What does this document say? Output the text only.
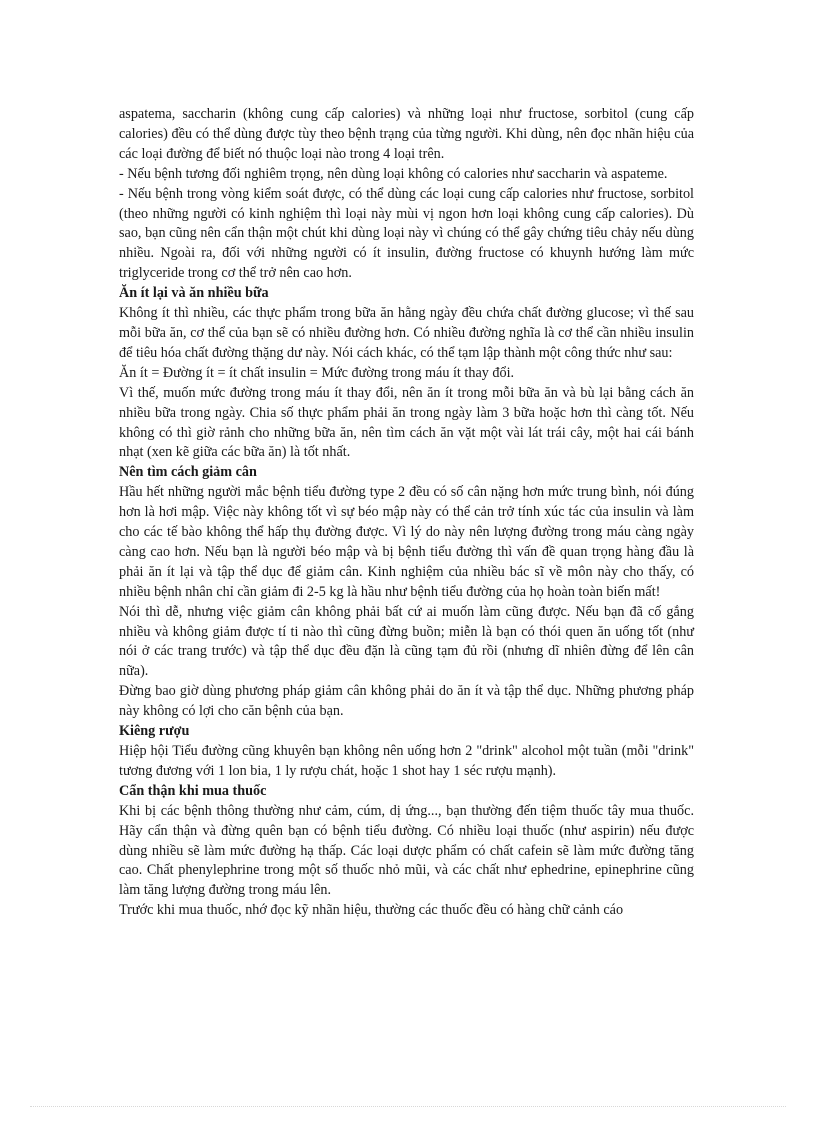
aspatema, saccharin (không cung cấp calories) và những loại như fructose, sorbitol (cung cấp calories) đều có thể dùng được tùy theo bệnh trạng của từng người. Khi dùng, nên đọc nhãn hiệu của các loại đường để biết nó thuộc loại nào trong 4 loại trên.

- Nếu bệnh tương đối nghiêm trọng, nên dùng loại không có calories như saccharin và aspateme.

- Nếu bệnh trong vòng kiểm soát được, có thể dùng các loại cung cấp calories như fructose, sorbitol (theo những người có kinh nghiệm thì loại này mùi vị ngon hơn loại không cung cấp calories). Dù sao, bạn cũng nên cẩn thận một chút khi dùng loại này vì chúng có thể gây chứng tiêu chảy nếu dùng nhiều. Ngoài ra, đối với những người có ít insulin, đường fructose có khuynh hướng làm mức triglyceride trong cơ thể trở nên cao hơn.

Ăn ít lại và ăn nhiều bữa

Không ít thì nhiều, các thực phẩm trong bữa ăn hằng ngày đều chứa chất đường glucose; vì thế sau mỗi bữa ăn, cơ thể của bạn sẽ có nhiều đường hơn. Có nhiều đường nghĩa là cơ thể cần nhiều insulin để tiêu hóa chất đường thặng dư này. Nói cách khác, có thể tạm lập thành một công thức như sau:

Ăn ít = Đường ít = ít chất insulin = Mức đường trong máu ít thay đổi.

Vì thế, muốn mức đường trong máu ít thay đổi, nên ăn ít trong mỗi bữa ăn và bù lại bằng cách ăn nhiều bữa trong ngày. Chia số thực phẩm phải ăn trong ngày làm 3 bữa hoặc hơn thì càng tốt. Nếu không có thì giờ rảnh cho những bữa ăn, nên tìm cách ăn vặt một vài lát trái cây, một hai cái bánh nhạt (xen kẽ giữa các bữa ăn) là tốt nhất.

Nên tìm cách giảm cân

Hầu hết những người mắc bệnh tiểu đường type 2 đều có số cân nặng hơn mức trung bình, nói đúng hơn là hơi mập. Việc này không tốt vì sự béo mập này có thể cản trở tính xúc tác của insulin và làm cho các tế bào không thể hấp thụ đường được. Vì lý do này nên lượng đường trong máu càng ngày càng cao hơn. Nếu bạn là người béo mập và bị bệnh tiểu đường thì vấn đề quan trọng hàng đầu là phải ăn ít lại và tập thể dục để giảm cân. Kinh nghiệm của nhiều bác sĩ về môn này cho thấy, có nhiều bệnh nhân chỉ cần giảm đi 2-5 kg là hầu như bệnh tiểu đường của họ hoàn toàn biến mất!

Nói thì dễ, nhưng việc giảm cân không phải bất cứ ai muốn làm cũng được. Nếu bạn đã cố gắng nhiều và không giảm được tí ti nào thì cũng đừng buồn; miễn là bạn có thói quen ăn uống tốt (như nói ở các trang trước) và tập thể dục đều đặn là cũng tạm đủ rồi (nhưng dĩ nhiên đừng để lên cân nữa).

Đừng bao giờ dùng phương pháp giảm cân không phải do ăn ít và tập thể dục. Những phương pháp này không có lợi cho căn bệnh của bạn.

Kiêng rượu

Hiệp hội Tiểu đường cũng khuyên bạn không nên uống hơn 2 "drink" alcohol một tuần (mỗi "drink" tương đương với 1 lon bia, 1 ly rượu chát, hoặc 1 shot hay 1 séc rượu mạnh).

Cẩn thận khi mua thuốc

Khi bị các bệnh thông thường như cảm, cúm, dị ứng..., bạn thường đến tiệm thuốc tây mua thuốc. Hãy cẩn thận và đừng quên bạn có bệnh tiểu đường. Có nhiều loại thuốc (như aspirin) nếu được dùng nhiều sẽ làm mức đường hạ thấp. Các loại dược phẩm có chất cafein sẽ làm mức đường tăng cao. Chất phenylephrine trong một số thuốc nhỏ mũi, và các chất như ephedrine, epinephrine cũng làm tăng lượng đường trong máu lên.

Trước khi mua thuốc, nhớ đọc kỹ nhãn hiệu, thường các thuốc đều có hàng chữ cảnh cáo
